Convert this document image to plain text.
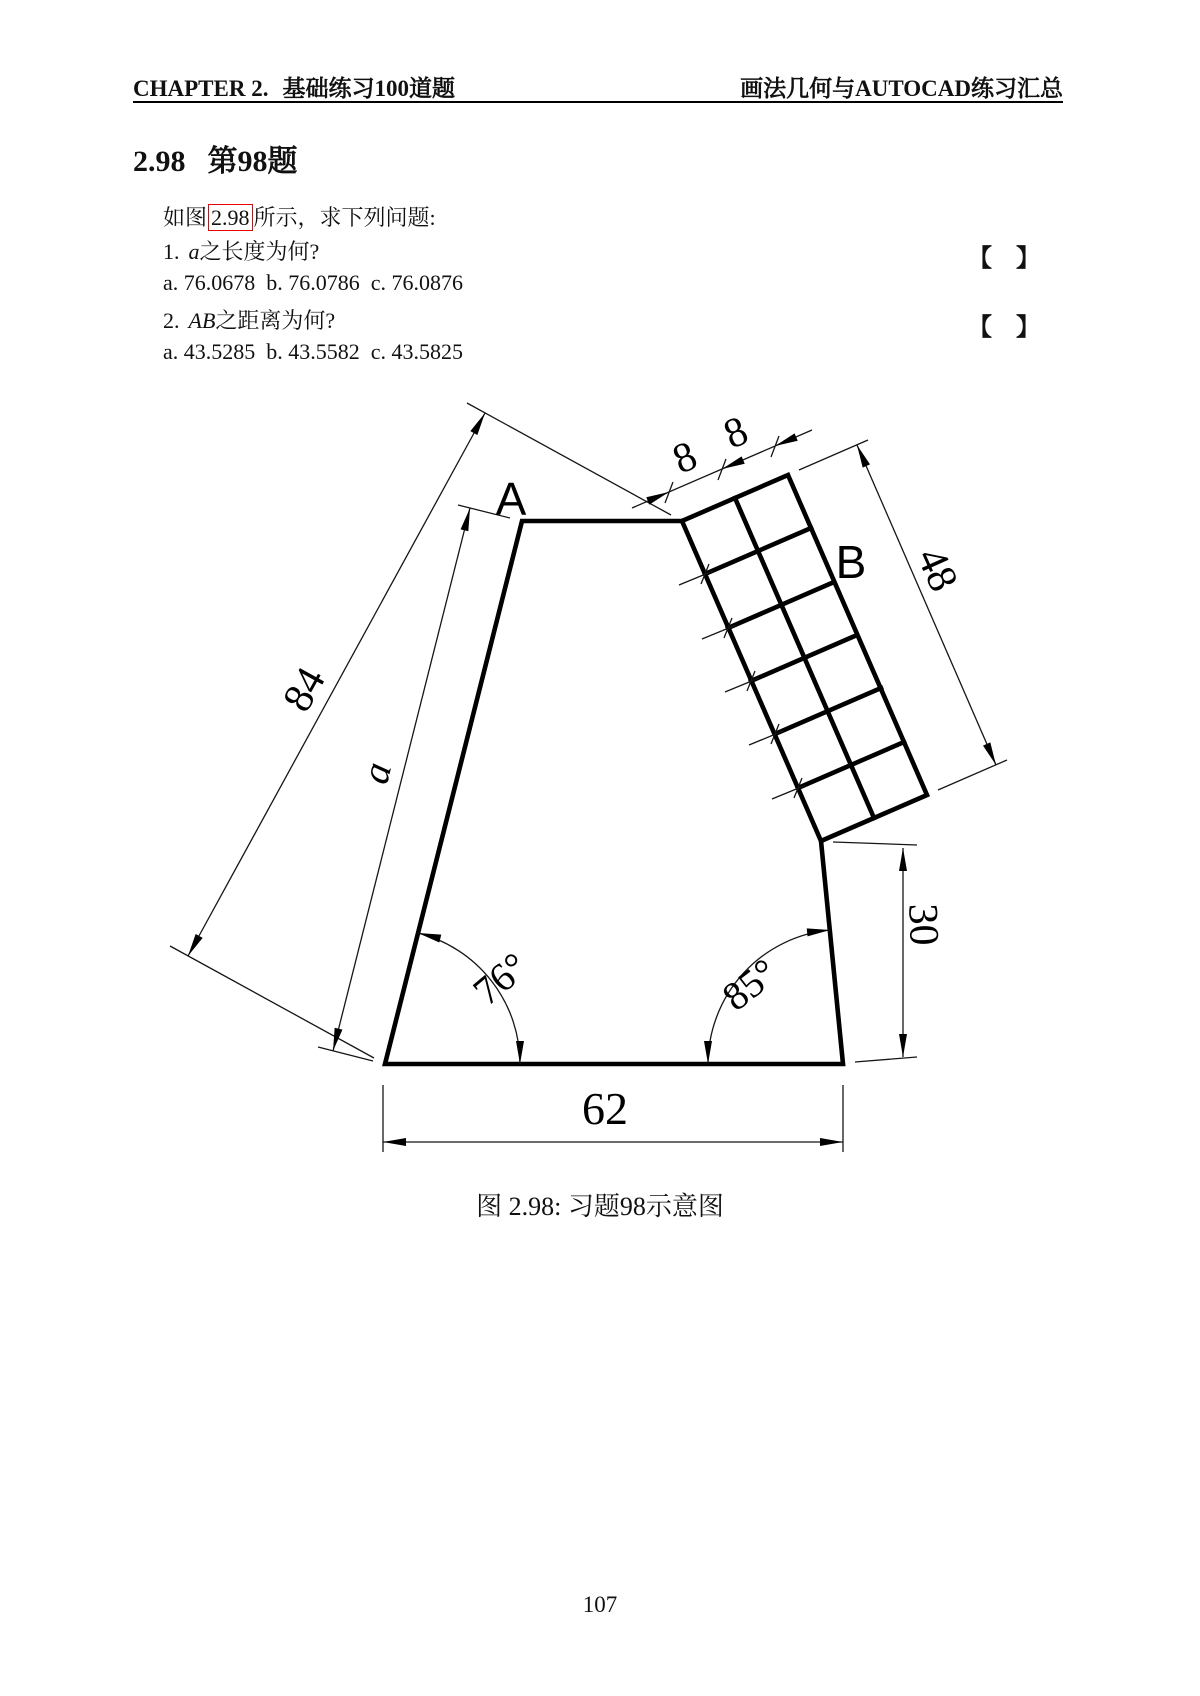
CHAPTER 2. 基础练习100道题	画法几何与AUTOCAD练习汇总
2.98 第98题
如图 2.98 所示，求下列问题:
1. a之长度为何?	【　】
a. 76.0678  b. 76.0786  c. 76.0876
2. AB之距离为何?	【　】
a. 43.5285  b. 43.5582  c. 43.5825
A
B
8 8
48
84
a
30
62
76°	85°
图 2.98: 习题98示意图
107
